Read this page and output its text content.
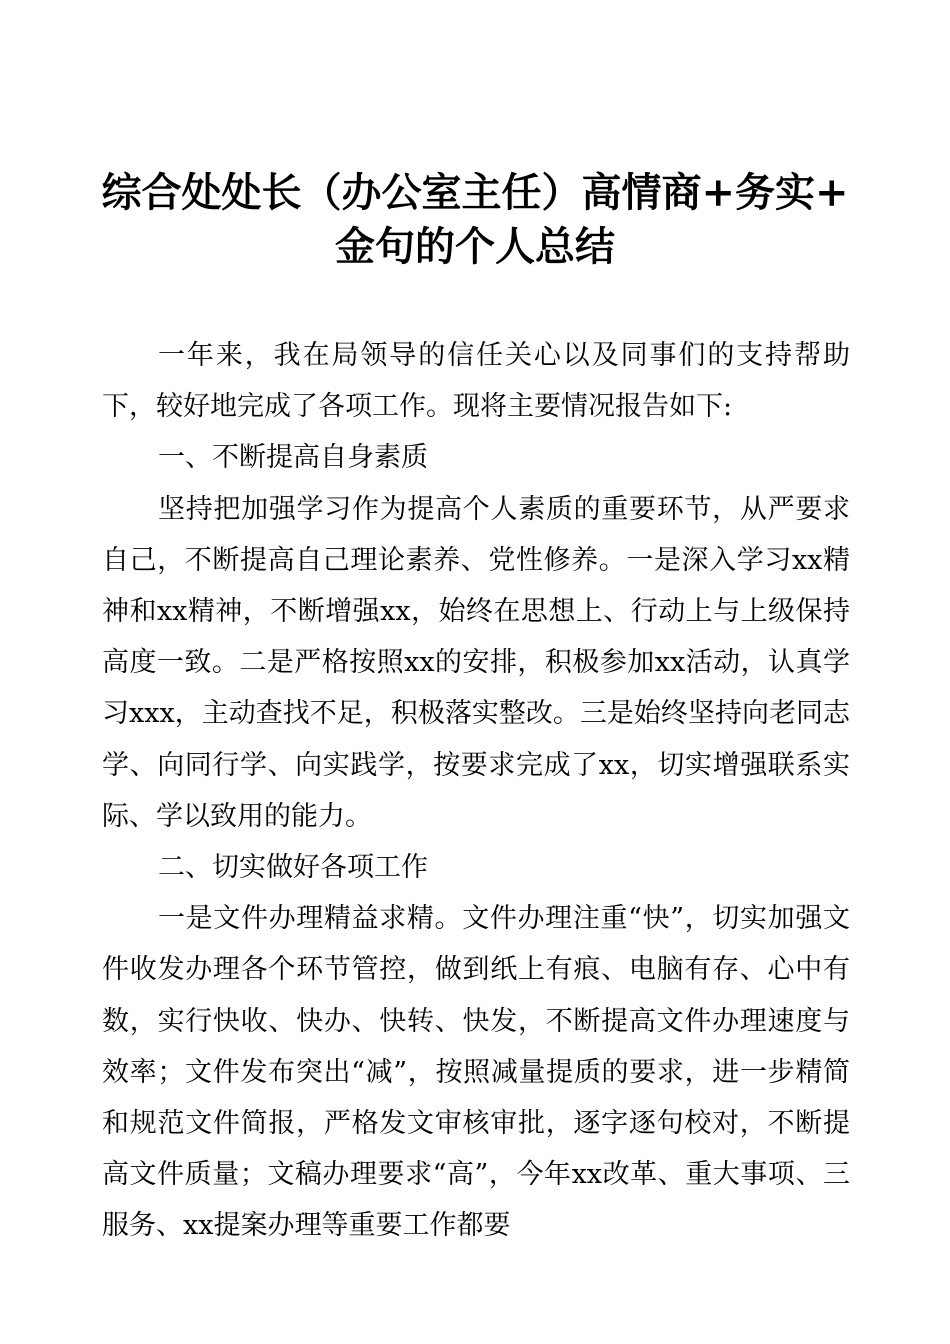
综合处处长（办公室主任）高情商+务实+
金句的个人总结

一年来，我在局领导的信任关心以及同事们的支持帮助下，较好地完成了各项工作。现将主要情况报告如下:

一、不断提高自身素质

坚持把加强学习作为提高个人素质的重要环节，从严要求自己，不断提高自己理论素养、党性修养。一是深入学习xx精神和xx精神，不断增强xx，始终在思想上、行动上与上级保持高度一致。二是严格按照xx的安排，积极参加xx活动，认真学习xxx，主动查找不足，积极落实整改。三是始终坚持向老同志学、向同行学、向实践学，按要求完成了xx，切实增强联系实际、学以致用的能力。

二、切实做好各项工作

一是文件办理精益求精。文件办理注重“快”，切实加强文件收发办理各个环节管控，做到纸上有痕、电脑有存、心中有数，实行快收、快办、快转、快发，不断提高文件办理速度与效率；文件发布突出“减”，按照减量提质的要求，进一步精简和规范文件简报，严格发文审核审批，逐字逐句校对，不断提高文件质量；文稿办理要求“高”，今年xx改革、重大事项、三服务、xx提案办理等重要工作都要
